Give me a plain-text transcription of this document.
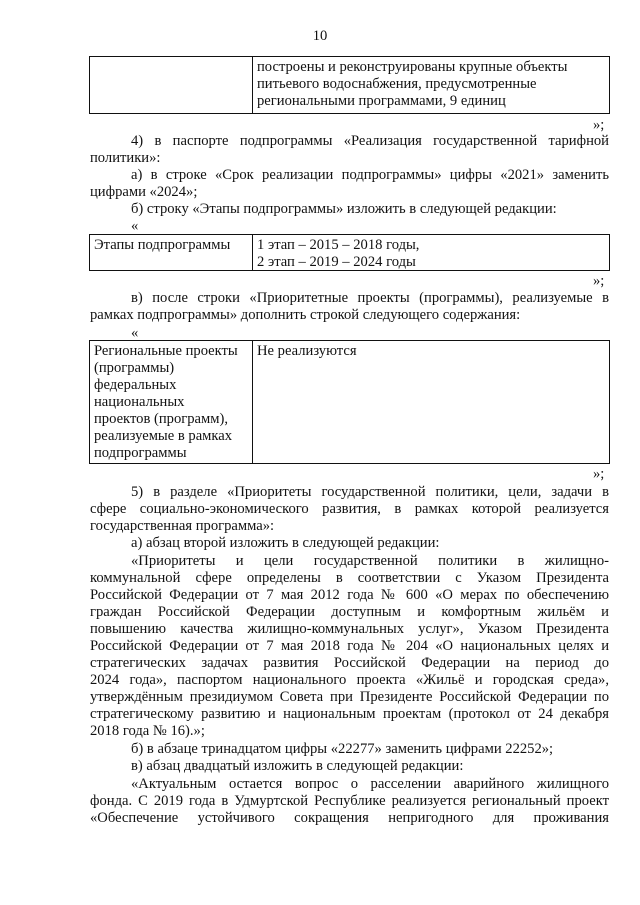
10
построены и реконструированы крупные объекты
питьевого водоснабжения, предусмотренные
региональными программами, 9 единиц
»;
4) в паспорте подпрограммы «Реализация государственной тарифной
политики»:
а) в строке «Срок реализации подпрограммы» цифры «2021» заменить
цифрами «2024»;
б) строку «Этапы подпрограммы» изложить в следующей редакции:
«
Этапы подпрограммы 1 этап – 2015 – 2018 годы,
2 этап – 2019 – 2024 годы
»;
в) после строки «Приоритетные проекты (программы), реализуемые в
рамках подпрограммы» дополнить строкой следующего содержания:
«
Региональные проекты
(программы)
федеральных
национальных
проектов (программ),
реализуемые в рамках
подпрограммы
Не реализуются
»;
5) в разделе «Приоритеты государственной политики, цели, задачи в
сфере социально-экономического развития, в рамках которой реализуется
государственная программа»:
а) абзац второй изложить в следующей редакции:
«Приоритеты и цели государственной политики в жилищно-
коммунальной сфере определены в соответствии с Указом Президента
Российской Федерации от 7 мая 2012 года № 600 «О мерах по обеспечению
граждан Российской Федерации доступным и комфортным жильём и
повышению качества жилищно-коммунальных услуг», Указом Президента
Российской Федерации от 7 мая 2018 года № 204 «О национальных целях и
стратегических задачах развития Российской Федерации на период до
2024 года», паспортом национального проекта «Жильё и городская среда»,
утверждённым президиумом Совета при Президенте Российской Федерации по
стратегическому развитию и национальным проектам (протокол от 24 декабря
2018 года № 16).»;
б) в абзаце тринадцатом цифры «22277» заменить цифрами 22252»;
в) абзац двадцатый изложить в следующей редакции:
«Актуальным остается вопрос о расселении аварийного жилищного
фонда. С 2019 года в Удмуртской Республике реализуется региональный проект
«Обеспечение устойчивого сокращения непригодного для проживания
